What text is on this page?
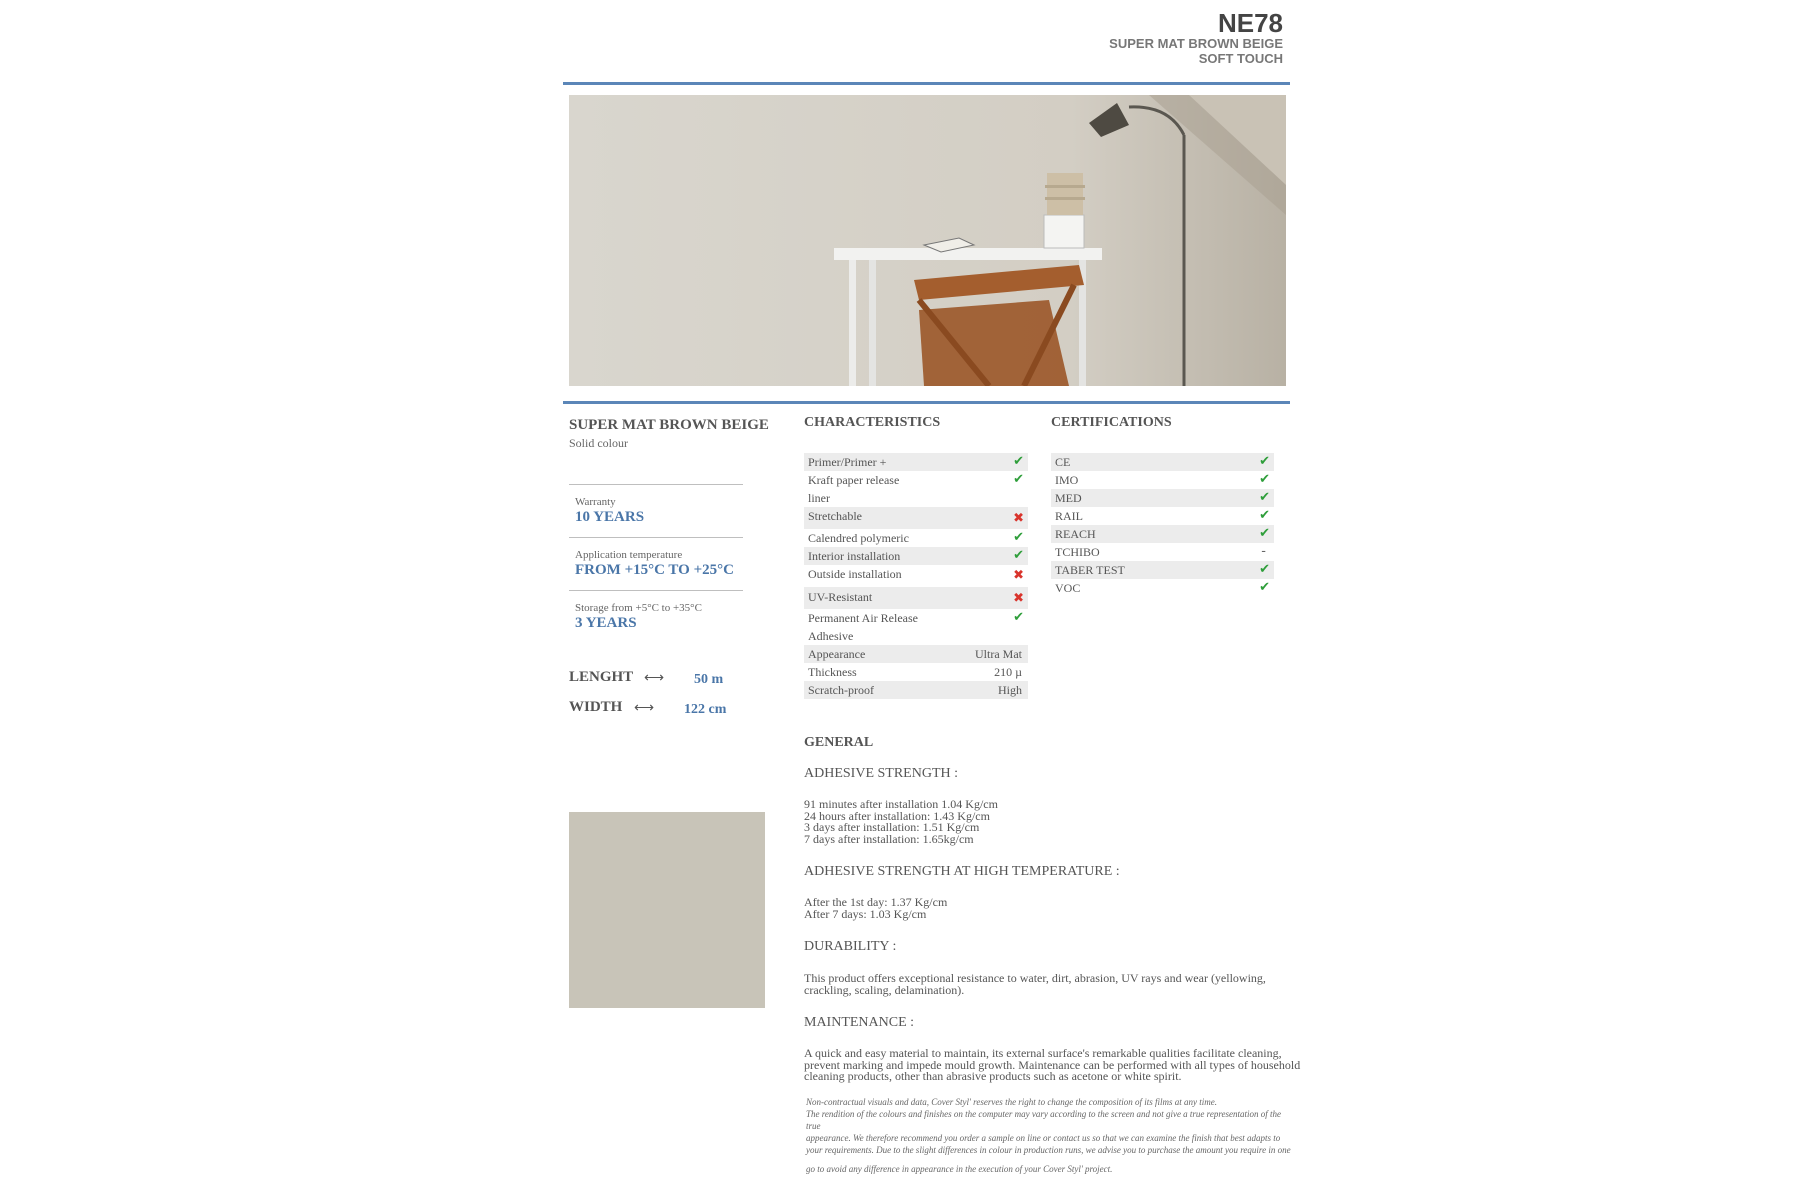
NE78
SUPER MAT BROWN BEIGE
SOFT TOUCH
SUPER MAT BROWN BEIGE
Solid colour
Warranty
10 YEARS
Application temperature
FROM +15°C TO +25°C
Storage from +5°C to +35°C
3 YEARS
LENGHT ⟷ 50 m
WIDTH ⟷ 122 cm
CHARACTERISTICS
Primer/Primer +	✔
Kraft paper release	✔
liner
Stretchable	✖
Calendred polymeric	✔
Interior installation	✔
Outside installation	✖
UV-Resistant	✖
Permanent Air Release	✔
Adhesive
Appearance	Ultra Mat
Thickness	210 µ
Scratch-proof	High
CERTIFICATIONS
CE	✔
IMO	✔
MED	✔
RAIL	✔
REACH	✔
TCHIBO	-
TABER TEST	✔
VOC	✔
GENERAL
ADHESIVE STRENGTH :
91 minutes after installation 1.04 Kg/cm
24 hours after installation: 1.43 Kg/cm
3 days after installation: 1.51 Kg/cm
7 days after installation: 1.65kg/cm
ADHESIVE STRENGTH AT HIGH TEMPERATURE :
After the 1st day: 1.37 Kg/cm
After 7 days: 1.03 Kg/cm
DURABILITY :
This product offers exceptional resistance to water, dirt, abrasion, UV rays and wear (yellowing,
crackling, scaling, delamination).
MAINTENANCE :
A quick and easy material to maintain, its external surface's remarkable qualities facilitate cleaning,
prevent marking and impede mould growth. Maintenance can be performed with all types of household
cleaning products, other than abrasive products such as acetone or white spirit.
Non-contractual visuals and data, Cover Styl' reserves the right to change the composition of its films at any time.
The rendition of the colours and finishes on the computer may vary according to the screen and not give a true representation of the true
appearance. We therefore recommend you order a sample on line or contact us so that we can examine the finish that best adapts to
your requirements. Due to the slight differences in colour in production runs, we advise you to purchase the amount you require in one
go to avoid any difference in appearance in the execution of your Cover Styl' project.
